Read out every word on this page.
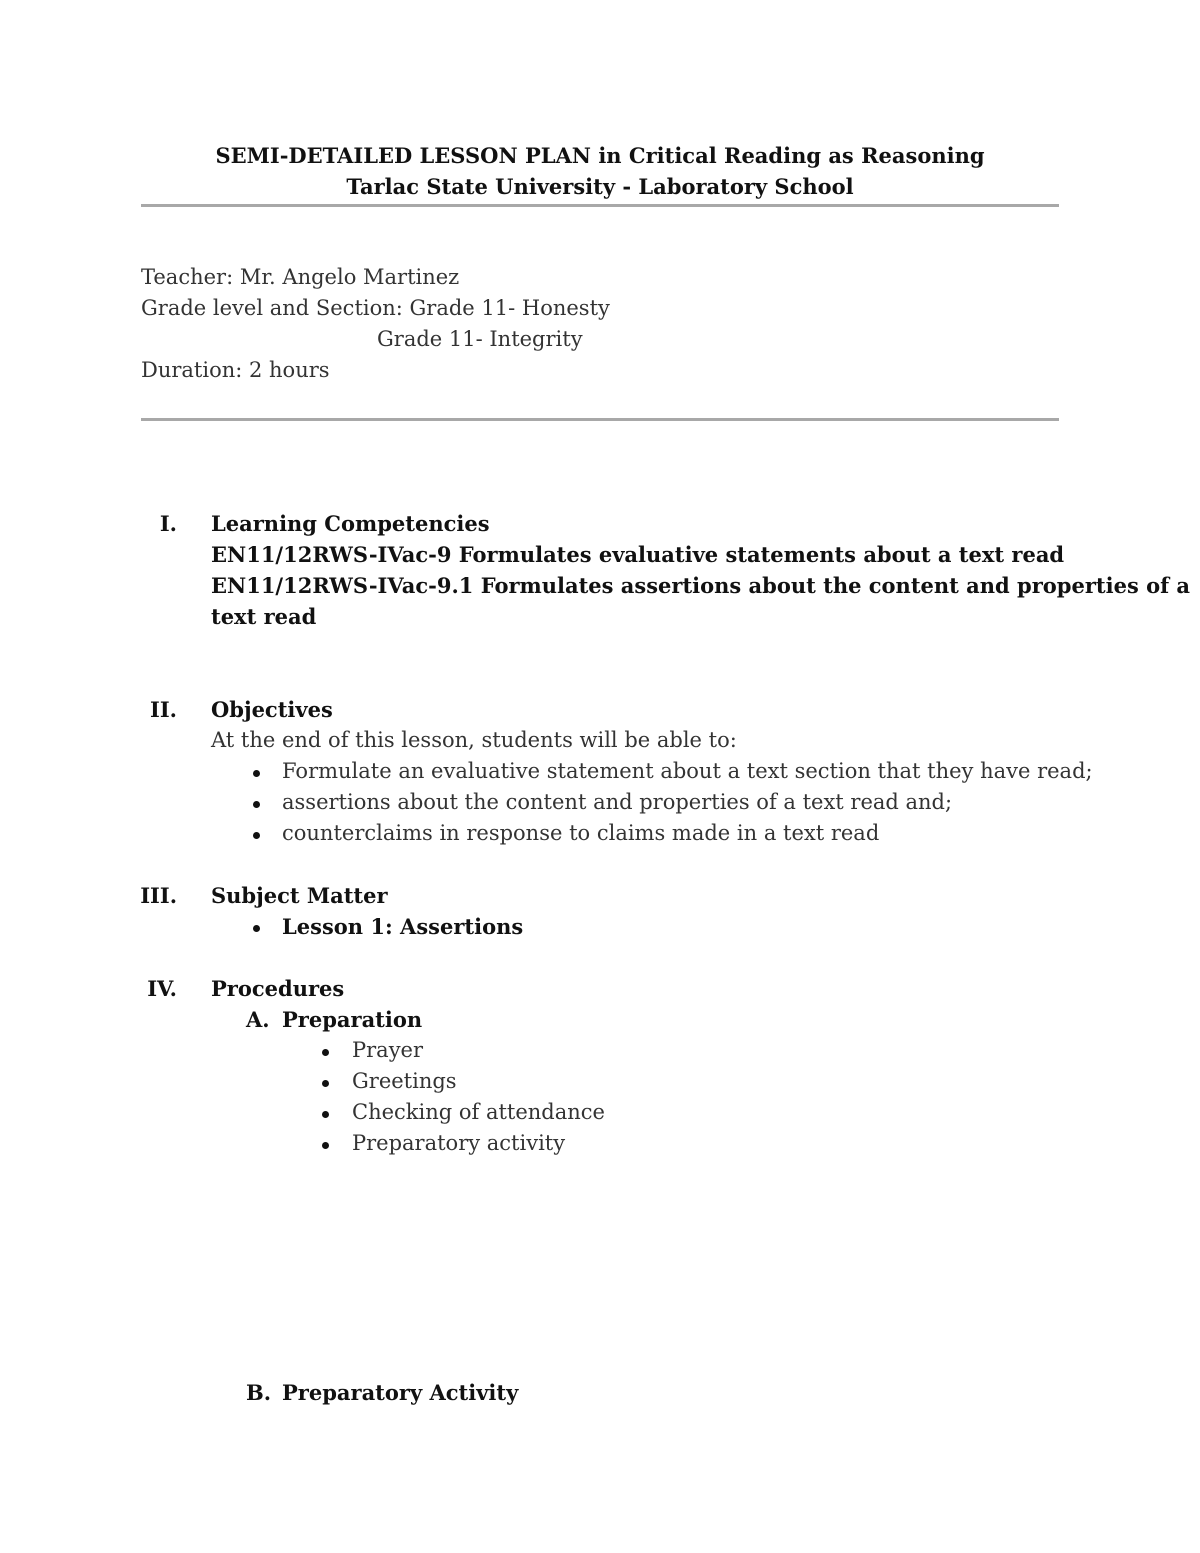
SEMI-DETAILED LESSON PLAN in Critical Reading as Reasoning
Tarlac State University - Laboratory School
Teacher: Mr. Angelo Martinez
Grade level and Section: Grade 11- Honesty
Grade 11- Integrity
Duration: 2 hours
I. Learning Competencies
EN11/12RWS-IVac-9 Formulates evaluative statements about a text read
EN11/12RWS-IVac-9.1 Formulates assertions about the content and properties of a
text read
II. Objectives
At the end of this lesson, students will be able to:
Formulate an evaluative statement about a text section that they have read;
assertions about the content and properties of a text read and;
counterclaims in response to claims made in a text read
III. Subject Matter
Lesson 1: Assertions
IV. Procedures
A. Preparation
Prayer
Greetings
Checking of attendance
Preparatory activity
B. Preparatory Activity
